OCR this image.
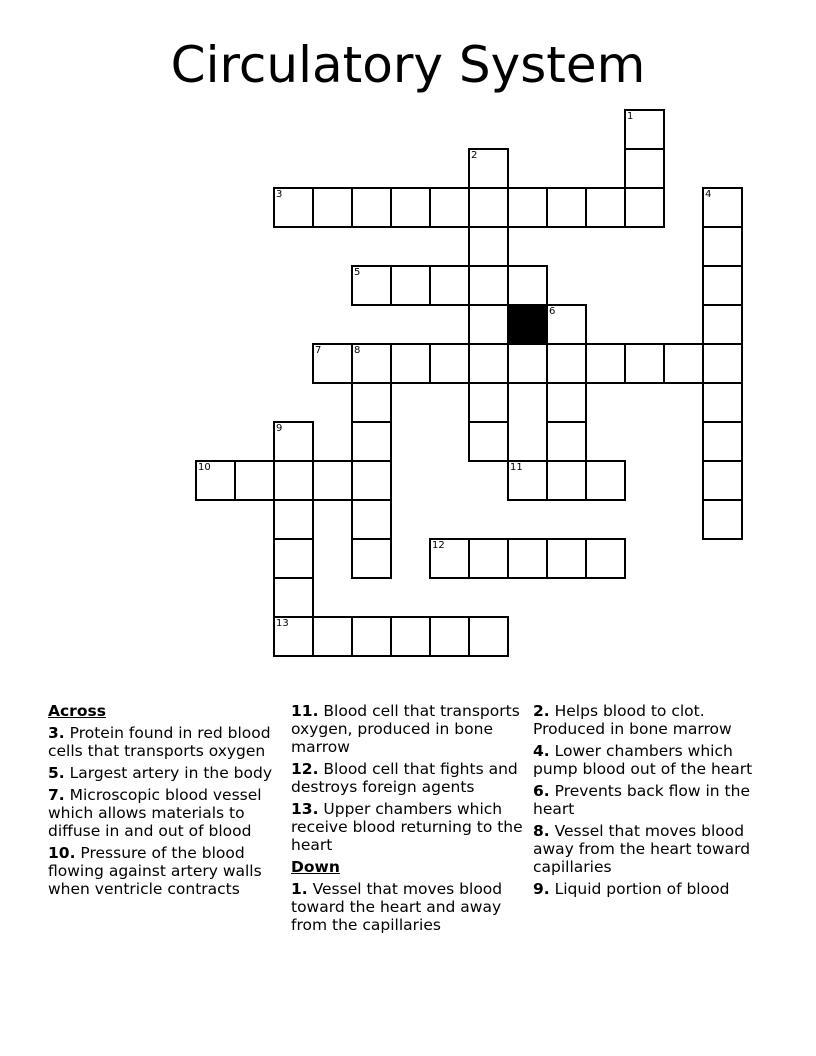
Circulatory System
1
3
2
5
6
7	8
9
10	11
12
13
4
Across
3. Protein found in red blood cells that transports oxygen
5. Largest artery in the body
7. Microscopic blood vessel which allows materials to diffuse in and out of blood
10. Pressure of the blood flowing against artery walls when ventricle contracts
11. Blood cell that transports oxygen, produced in bone marrow
12. Blood cell that fights and destroys foreign agents
13. Upper chambers which receive blood returning to the heart
Down
1. Vessel that moves blood toward the heart and away from the capillaries
2. Helps blood to clot. Produced in bone marrow
4. Lower chambers which pump blood out of the heart
6. Prevents back flow in the heart
8. Vessel that moves blood away from the heart toward capillaries
9. Liquid portion of blood
